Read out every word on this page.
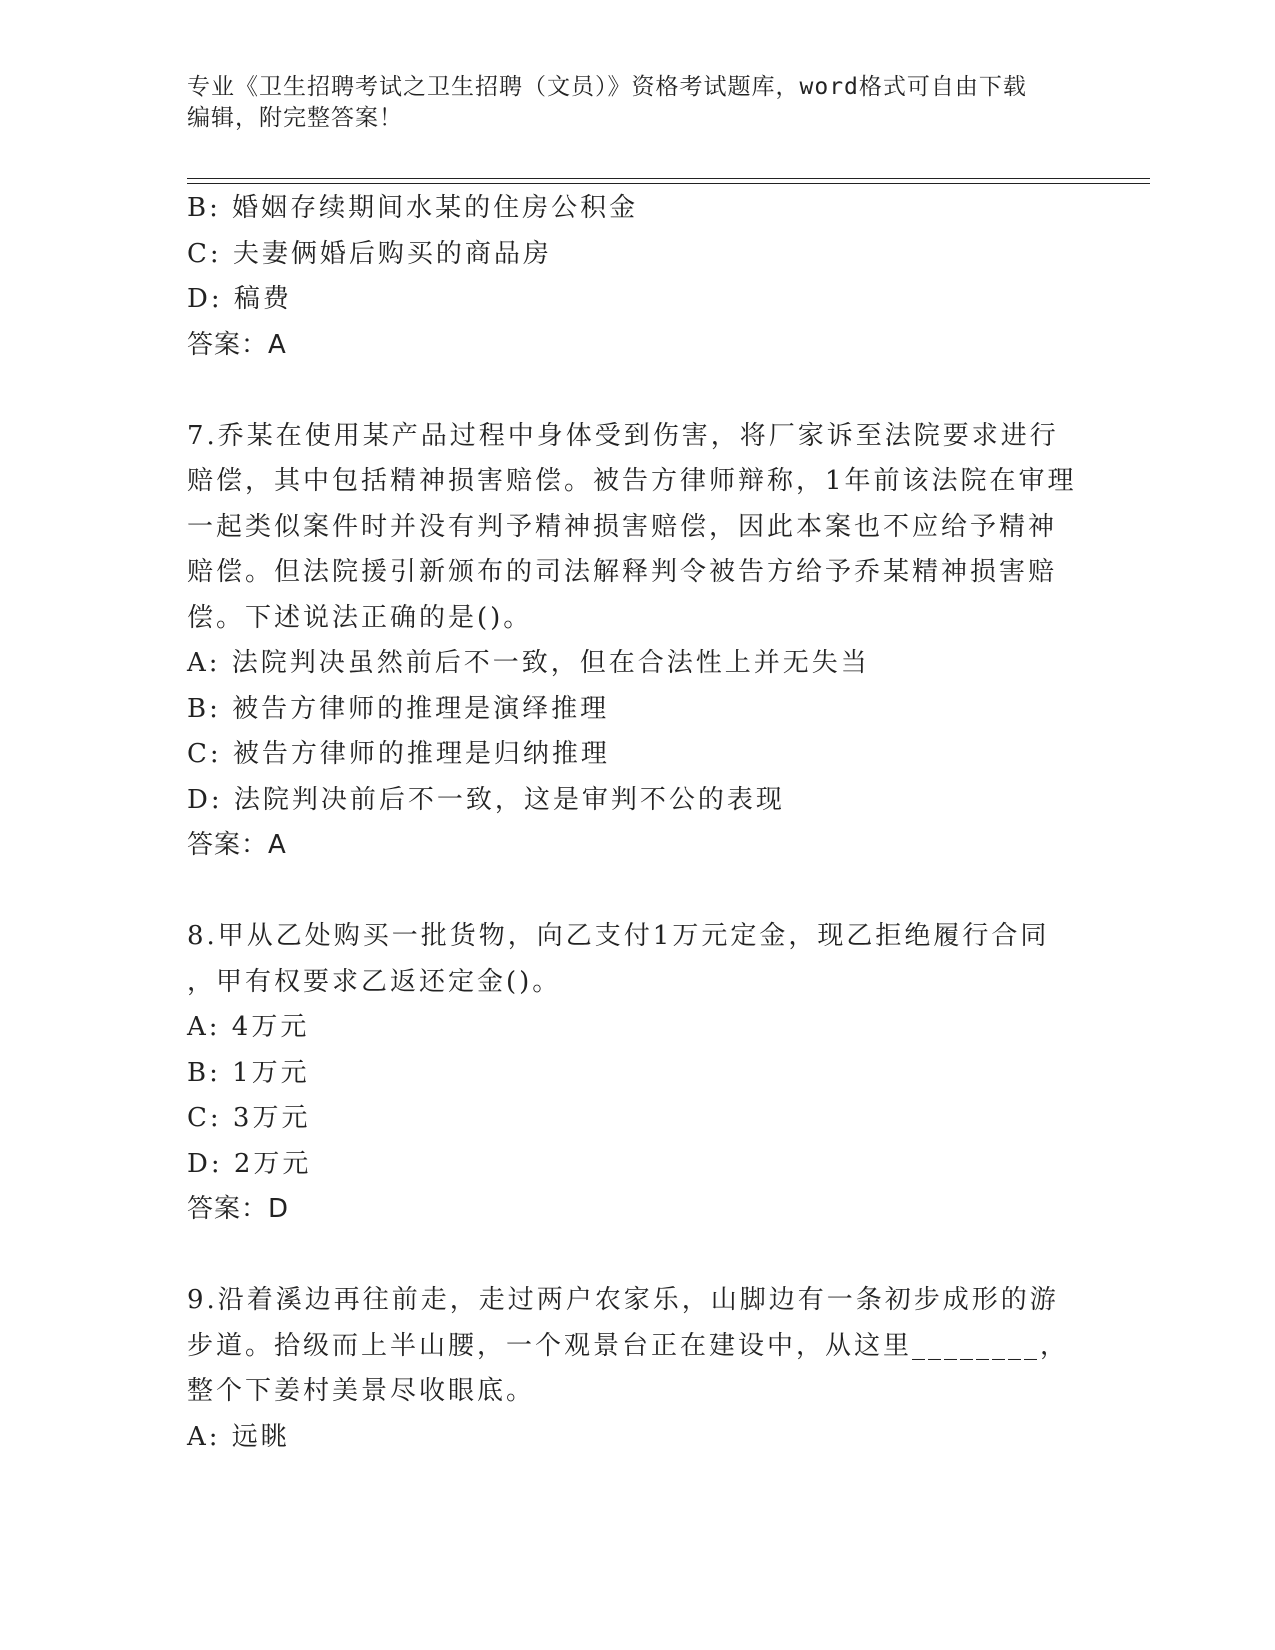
专业《卫生招聘考试之卫生招聘（文员）》资格考试题库，word格式可自由下载
编辑，附完整答案！
B: 婚姻存续期间水某的住房公积金
C: 夫妻俩婚后购买的商品房
D: 稿费
答案：A
7.乔某在使用某产品过程中身体受到伤害，将厂家诉至法院要求进行
赔偿，其中包括精神损害赔偿。被告方律师辩称，1年前该法院在审理
一起类似案件时并没有判予精神损害赔偿，因此本案也不应给予精神
赔偿。但法院援引新颁布的司法解释判令被告方给予乔某精神损害赔
偿。下述说法正确的是()。
A: 法院判决虽然前后不一致，但在合法性上并无失当
B: 被告方律师的推理是演绎推理
C: 被告方律师的推理是归纳推理
D: 法院判决前后不一致，这是审判不公的表现
答案：A
8.甲从乙处购买一批货物，向乙支付1万元定金，现乙拒绝履行合同
，甲有权要求乙返还定金()。
A: 4万元
B: 1万元
C: 3万元
D: 2万元
答案：D
9.沿着溪边再往前走，走过两户农家乐，山脚边有一条初步成形的游
步道。拾级而上半山腰，一个观景台正在建设中，从这里________，
整个下姜村美景尽收眼底。
A: 远眺
